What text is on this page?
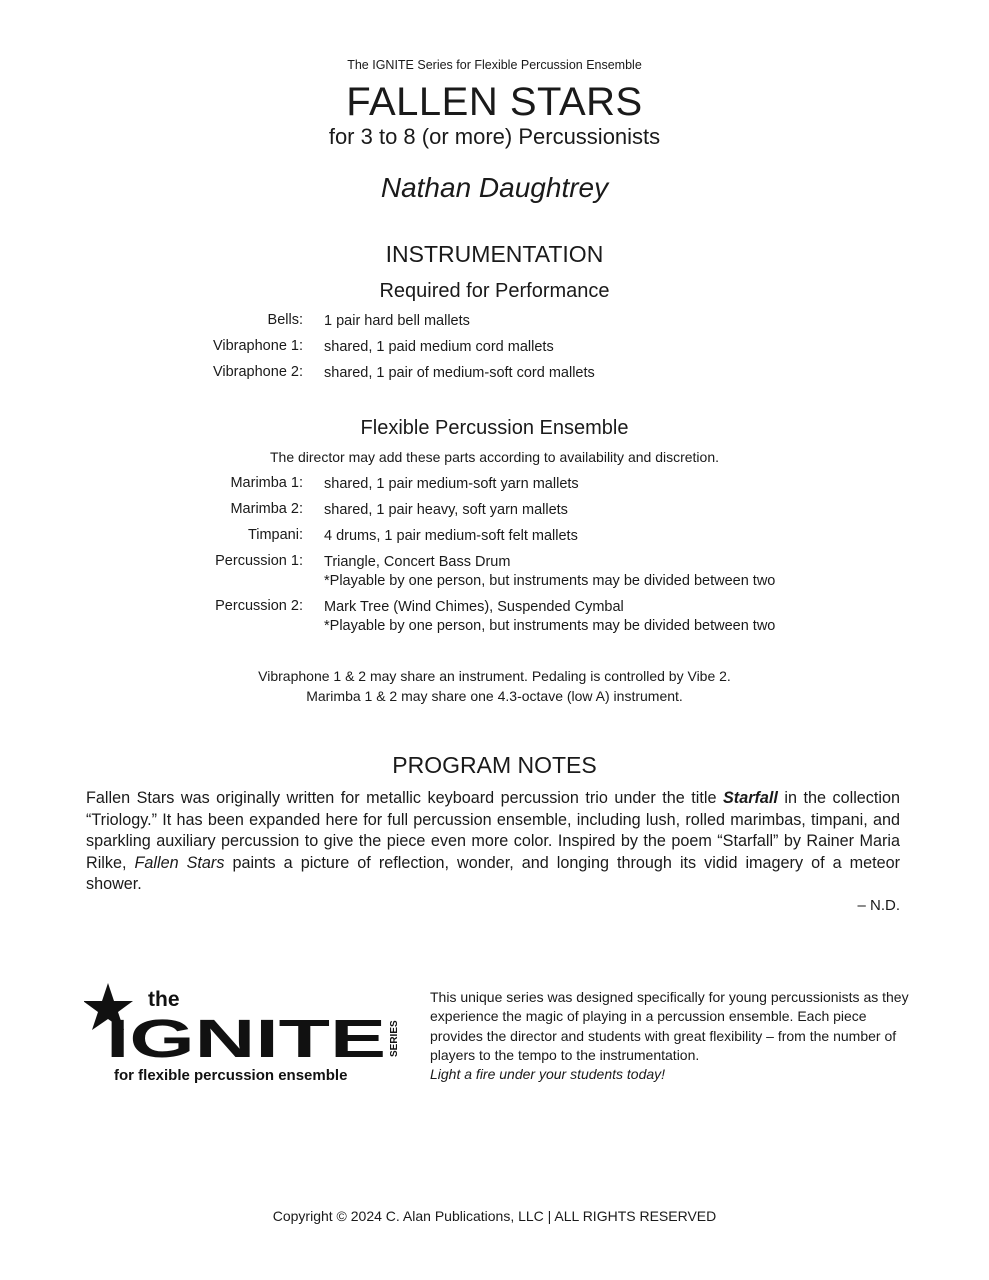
The IGNITE Series for Flexible Percussion Ensemble
FALLEN STARS
for 3 to 8 (or more) Percussionists
Nathan Daughtrey
INSTRUMENTATION
Required for Performance
Bells: 1 pair hard bell mallets
Vibraphone 1: shared, 1 paid medium cord mallets
Vibraphone 2: shared, 1 pair of medium-soft cord mallets
Flexible Percussion Ensemble
The director may add these parts according to availability and discretion.
Marimba 1: shared, 1 pair medium-soft yarn mallets
Marimba 2: shared, 1 pair heavy, soft yarn mallets
Timpani: 4 drums, 1 pair medium-soft felt mallets
Percussion 1: Triangle, Concert Bass Drum
*Playable by one person, but instruments may be divided between two
Percussion 2: Mark Tree (Wind Chimes), Suspended Cymbal
*Playable by one person, but instruments may be divided between two
Vibraphone 1 & 2 may share an instrument. Pedaling is controlled by Vibe 2.
Marimba 1 & 2 may share one 4.3-octave (low A) instrument.
PROGRAM NOTES
Fallen Stars was originally written for metallic keyboard percussion trio under the title Starfall in the collection “Triology.” It has been expanded here for full percussion ensemble, including lush, rolled marimbas, timpani, and sparkling auxiliary percussion to give the piece even more color. Inspired by the poem “Starfall” by Rainer Maria Rilke, Fallen Stars paints a picture of reflection, wonder, and longing through its vidid imagery of a meteor shower.
– N.D.
the
IGNITE SERIES
for flexible percussion ensemble
This unique series was designed specifically for young percussionists as they experience the magic of playing in a percussion ensemble. Each piece provides the director and students with great flexibility – from the number of players to the tempo to the instrumentation.
Light a fire under your students today!
Copyright © 2024 C. Alan Publications, LLC | ALL RIGHTS RESERVED
